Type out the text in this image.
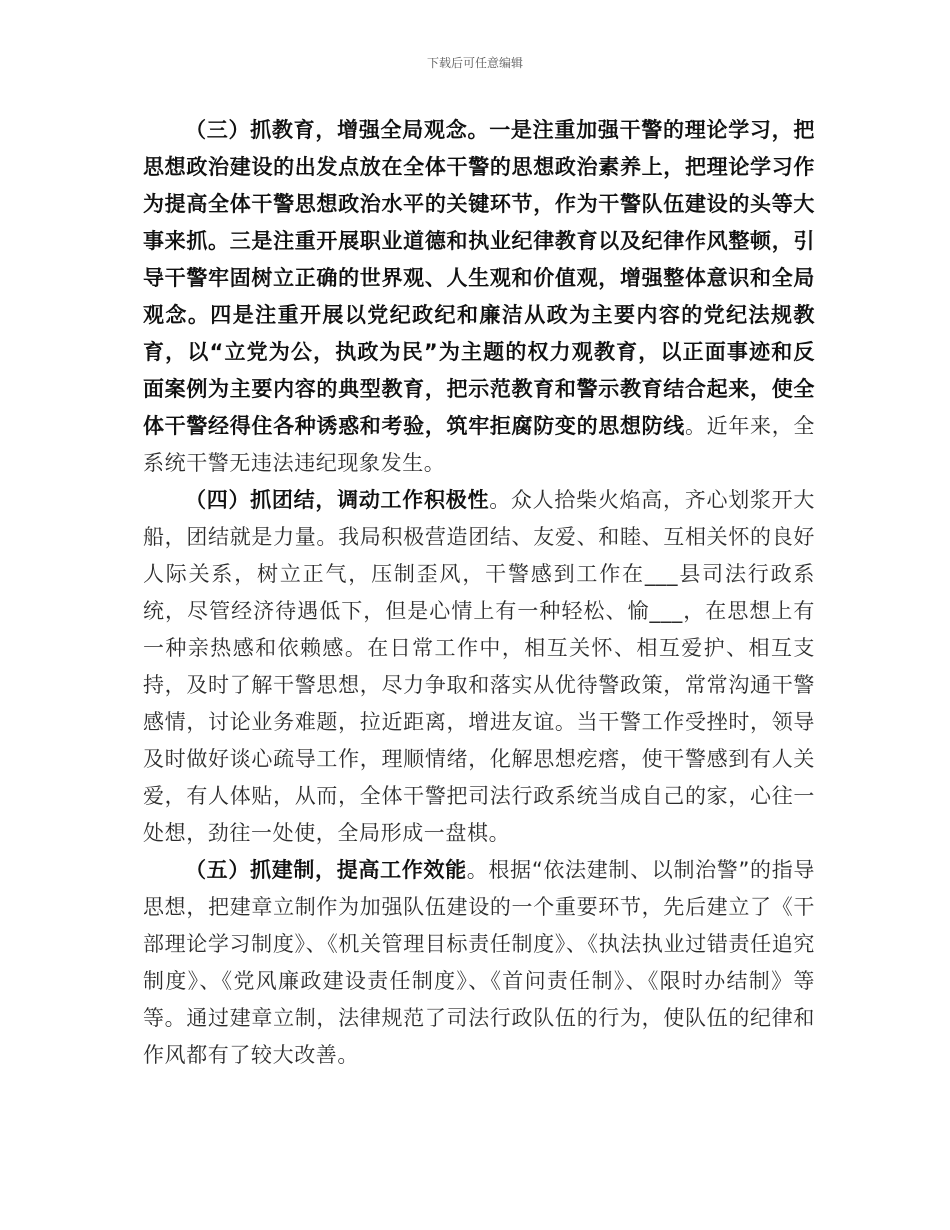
下载后可任意编辑

（三）抓教育，增强全局观念。一是注重加强干警的理论学习，把思想政治建设的出发点放在全体干警的思想政治素养上，把理论学习作为提高全体干警思想政治水平的关键环节，作为干警队伍建设的头等大事来抓。三是注重开展职业道德和执业纪律教育以及纪律作风整顿，引导干警牢固树立正确的世界观、人生观和价值观，增强整体意识和全局观念。四是注重开展以党纪政纪和廉洁从政为主要内容的党纪法规教育，以“立党为公，执政为民”为主题的权力观教育，以正面事迹和反面案例为主要内容的典型教育，把示范教育和警示教育结合起来，使全体干警经得住各种诱惑和考验，筑牢拒腐防变的思想防线。近年来，全系统干警无违法违纪现象发生。

（四）抓团结，调动工作积极性。众人拾柴火焰高，齐心划浆开大船，团结就是力量。我局积极营造团结、友爱、和睦、互相关怀的良好人际关系，树立正气，压制歪风，干警感到工作在___县司法行政系统，尽管经济待遇低下，但是心情上有一种轻松、愉___，在思想上有一种亲热感和依赖感。在日常工作中，相互关怀、相互爱护、相互支持，及时了解干警思想，尽力争取和落实从优待警政策，常常沟通干警感情，讨论业务难题，拉近距离，增进友谊。当干警工作受挫时，领导及时做好谈心疏导工作，理顺情绪，化解思想疙瘩，使干警感到有人关爱，有人体贴，从而，全体干警把司法行政系统当成自己的家，心往一处想，劲往一处使，全局形成一盘棋。

（五）抓建制，提高工作效能。根据“依法建制、以制治警”的指导思想，把建章立制作为加强队伍建设的一个重要环节，先后建立了《干部理论学习制度》、《机关管理目标责任制度》、《执法执业过错责任追究制度》、《党风廉政建设责任制度》、《首问责任制》、《限时办结制》等等。通过建章立制，法律规范了司法行政队伍的行为，使队伍的纪律和作风都有了较大改善。
